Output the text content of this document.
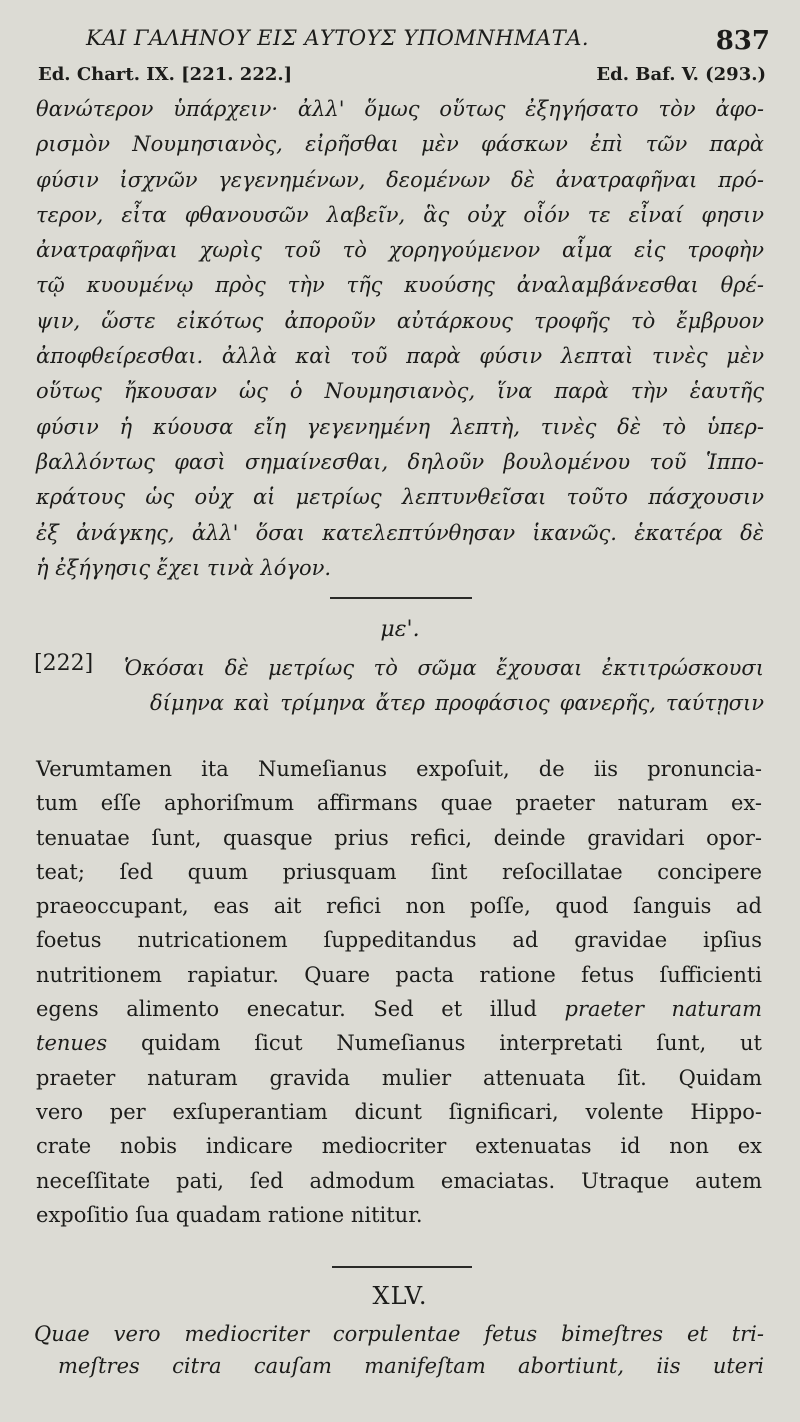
ΚΑΙ ΓΑΛΗΝΟΥ ΕΙΣ ΑΥΤΟΥΣ ΥΠΟΜΝΗΜΑΤΑ.	837
Ed. Chart. IX. [221. 222.]	Ed. Baf. V. (293.)
θανώτερον ὑπάρχειν· ἀλλ' ὅμως οὕτως ἐξηγήσατο τὸν ἀφο-
ρισμὸν Νουμησιανὸς, εἰρῆσθαι μὲν φάσκων ἐπὶ τῶν παρὰ
φύσιν ἰσχνῶν γεγενημένων, δεομένων δὲ ἀνατραφῆναι πρό-
τερον, εἶτα φθανουσῶν λαβεῖν, ἃς οὐχ οἷόν τε εἶναί φησιν
ἀνατραφῆναι χωρὶς τοῦ τὸ χορηγούμενον αἷμα εἰς τροφὴν
τῷ κυουμένῳ πρὸς τὴν τῆς κυούσης ἀναλαμβάνεσθαι θρέ-
ψιν, ὥστε εἰκότως ἀποροῦν αὐτάρκους τροφῆς τὸ ἔμβρυον
ἀποφθείρεσθαι. ἀλλὰ καὶ τοῦ παρὰ φύσιν λεπταὶ τινὲς μὲν
οὕτως ἤκουσαν ὡς ὁ Νουμησιανὸς, ἵνα παρὰ τὴν ἑαυτῆς
φύσιν ἡ κύουσα εἴη γεγενημένη λεπτὴ, τινὲς δὲ τὸ ὑπερ-
βαλλόντως φασὶ σημαίνεσθαι, δηλοῦν βουλομένου τοῦ Ἱππο-
κράτους ὡς οὐχ αἱ μετρίως λεπτυνθεῖσαι τοῦτο πάσχουσιν
ἐξ ἀνάγκης, ἀλλ' ὅσαι κατελεπτύνθησαν ἱκανῶς. ἑκατέρα δὲ
ἡ ἐξήγησις ἔχει τινὰ λόγον.
με'.
[222] Ὁκόσαι δὲ μετρίως τὸ σῶμα ἔχουσαι ἐκτιτρώσκουσι
δίμηνα καὶ τρίμηνα ἄτερ προφάσιος φανερῆς, ταύτῃσιν
Verumtamen ita Numeſianus expoſuit, de iis pronuncia-
tum eſſe aphoriſmum affirmans quae praeter naturam ex-
tenuatae ſunt, quasque prius refici, deinde gravidari opor-
teat; ſed quum priusquam ſint reſocillatae concipere
praeoccupant, eas ait refici non poſſe, quod ſanguis ad
foetus nutricationem ſuppeditandus ad gravidae ipſius
nutritionem rapiatur. Quare pacta ratione fetus ſufficienti
egens alimento enecatur. Sed et illud praeter naturam
tenues quidam ſicut Numeſianus interpretati ſunt, ut
praeter naturam gravida mulier attenuata ſit. Quidam
vero per exſuperantiam dicunt ſignificari, volente Hippo-
crate nobis indicare mediocriter extenuatas id non ex
neceſſitate pati, ſed admodum emaciatas. Utraque autem
expoſitio ſua quadam ratione nititur.
XLV.
Quae vero mediocriter corpulentae fetus bimeſtres et tri-
meſtres citra cauſam manifeſtam abortiunt, iis uteri
